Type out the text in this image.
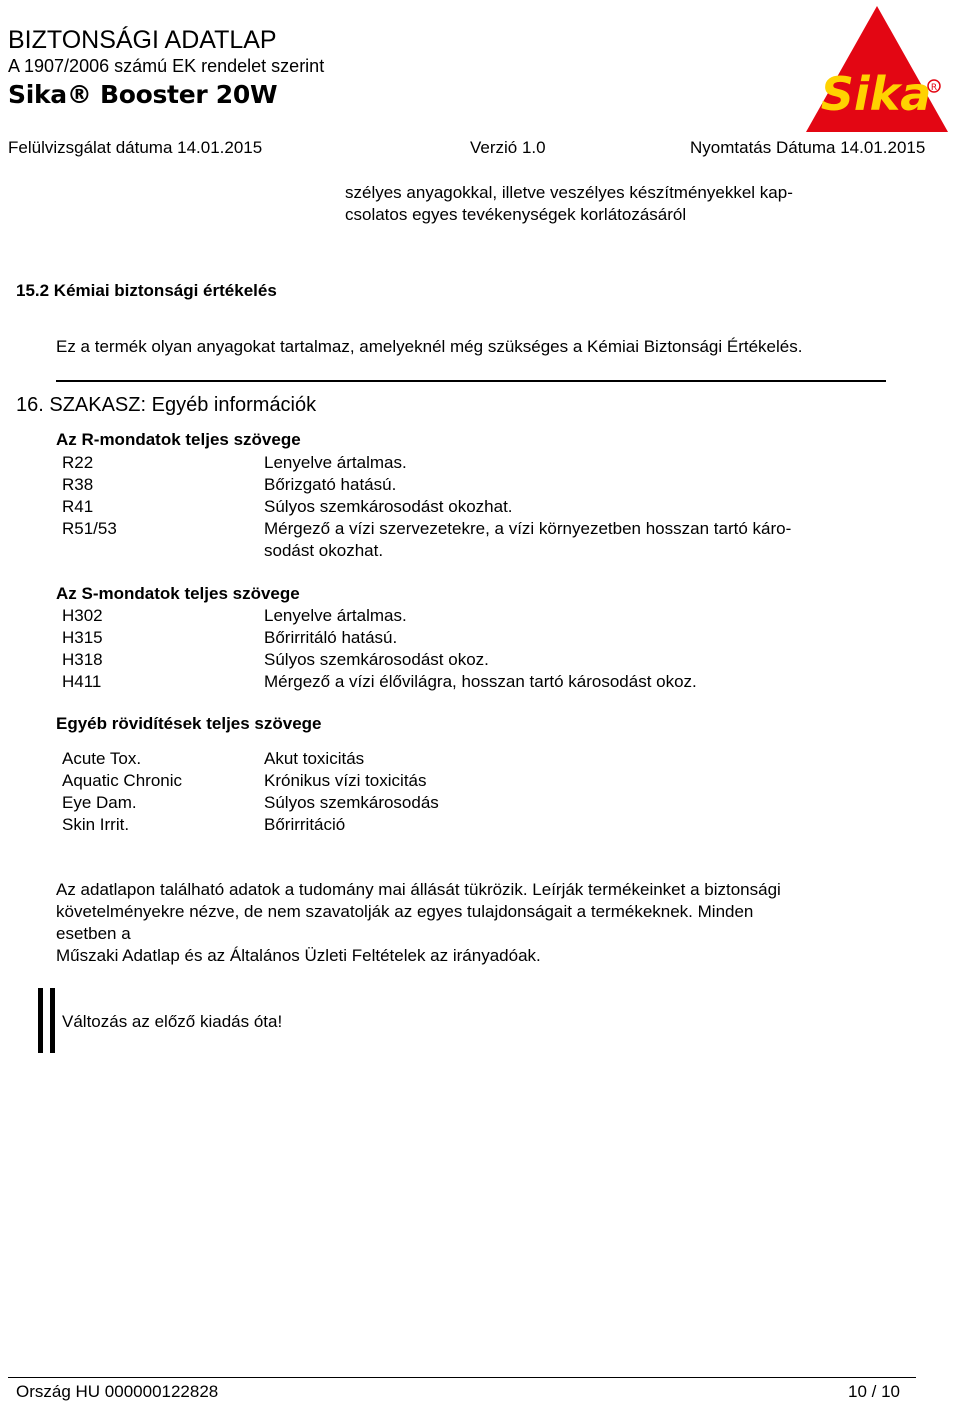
BIZTONSÁGI ADATLAP
A 1907/2006 számú EK rendelet szerint
Sika® Booster 20W
Felülvizsgálat dátuma 14.01.2015	Verzió 1.0	Nyomtatás Dátuma 14.01.2015
Sika R
szélyes anyagokkal, illetve veszélyes készítményekkel kap-
csolatos egyes tevékenységek korlátozásáról
15.2 Kémiai biztonsági értékelés
Ez a termék olyan anyagokat tartalmaz, amelyeknél még szükséges a Kémiai Biztonsági Értékelés.
16. SZAKASZ: Egyéb információk
Az R-mondatok teljes szövege
R22	Lenyelve ártalmas.
R38	Bőrizgató hatású.
R41	Súlyos szemkárosodást okozhat.
R51/53	Mérgező a vízi szervezetekre, a vízi környezetben hosszan tartó káro-
sodást okozhat.
Az S-mondatok teljes szövege
H302	Lenyelve ártalmas.
H315	Bőrirritáló hatású.
H318	Súlyos szemkárosodást okoz.
H411	Mérgező a vízi élővilágra, hosszan tartó károsodást okoz.
Egyéb rövidítések teljes szövege
Acute Tox.	Akut toxicitás
Aquatic Chronic	Krónikus vízi toxicitás
Eye Dam.	Súlyos szemkárosodás
Skin Irrit.	Bőrirritáció
Az adatlapon található adatok a tudomány mai állását tükrözik. Leírják termékeinket a biztonsági
követelményekre nézve, de nem szavatolják az egyes tulajdonságait a termékeknek. Minden
esetben a
Műszaki Adatlap és az Általános Üzleti Feltételek az irányadóak.
Változás az előző kiadás óta!
Ország HU 000000122828	10 / 10
